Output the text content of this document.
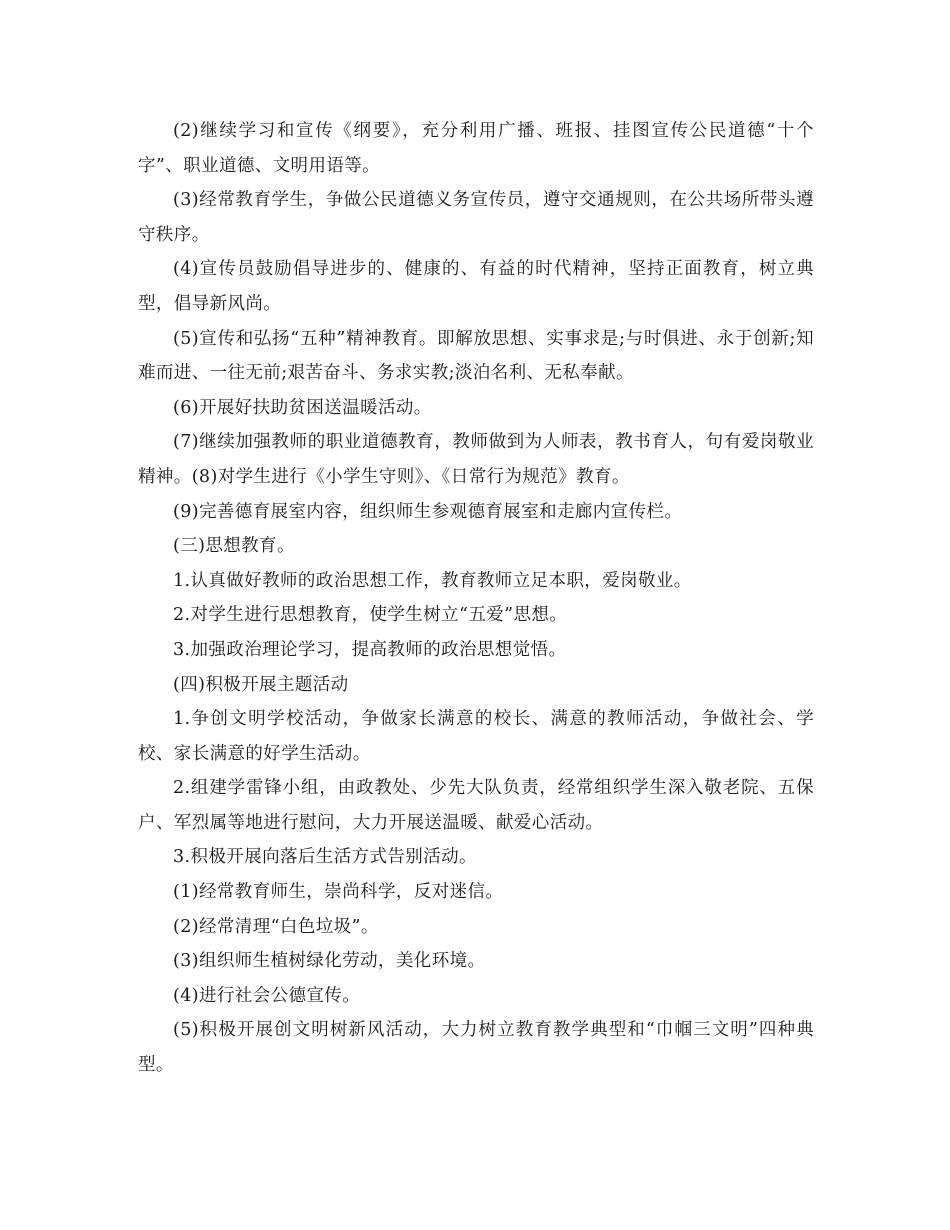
(2)继续学习和宣传《纲要》，充分利用广播、班报、挂图宣传公民道德“十个字”、职业道德、文明用语等。

(3)经常教育学生，争做公民道德义务宣传员，遵守交通规则，在公共场所带头遵守秩序。

(4)宣传员鼓励倡导进步的、健康的、有益的时代精神，坚持正面教育，树立典型，倡导新风尚。

(5)宣传和弘扬“五种”精神教育。即解放思想、实事求是;与时俱进、永于创新;知难而进、一往无前;艰苦奋斗、务求实教;淡泊名利、无私奉献。

(6)开展好扶助贫困送温暖活动。

(7)继续加强教师的职业道德教育，教师做到为人师表，教书育人，句有爱岗敬业精神。(8)对学生进行《小学生守则》、《日常行为规范》教育。

(9)完善德育展室内容，组织师生参观德育展室和走廊内宣传栏。

(三)思想教育。

1.认真做好教师的政治思想工作，教育教师立足本职，爱岗敬业。

2.对学生进行思想教育，使学生树立“五爱”思想。

3.加强政治理论学习，提高教师的政治思想觉悟。

(四)积极开展主题活动

1.争创文明学校活动，争做家长满意的校长、满意的教师活动，争做社会、学校、家长满意的好学生活动。

2.组建学雷锋小组，由政教处、少先大队负责，经常组织学生深入敬老院、五保户、军烈属等地进行慰问，大力开展送温暖、献爱心活动。

3.积极开展向落后生活方式告别活动。

(1)经常教育师生，崇尚科学，反对迷信。

(2)经常清理“白色垃圾”。

(3)组织师生植树绿化劳动，美化环境。

(4)进行社会公德宣传。

(5)积极开展创文明树新风活动，大力树立教育教学典型和“巾帼三文明”四种典型。
